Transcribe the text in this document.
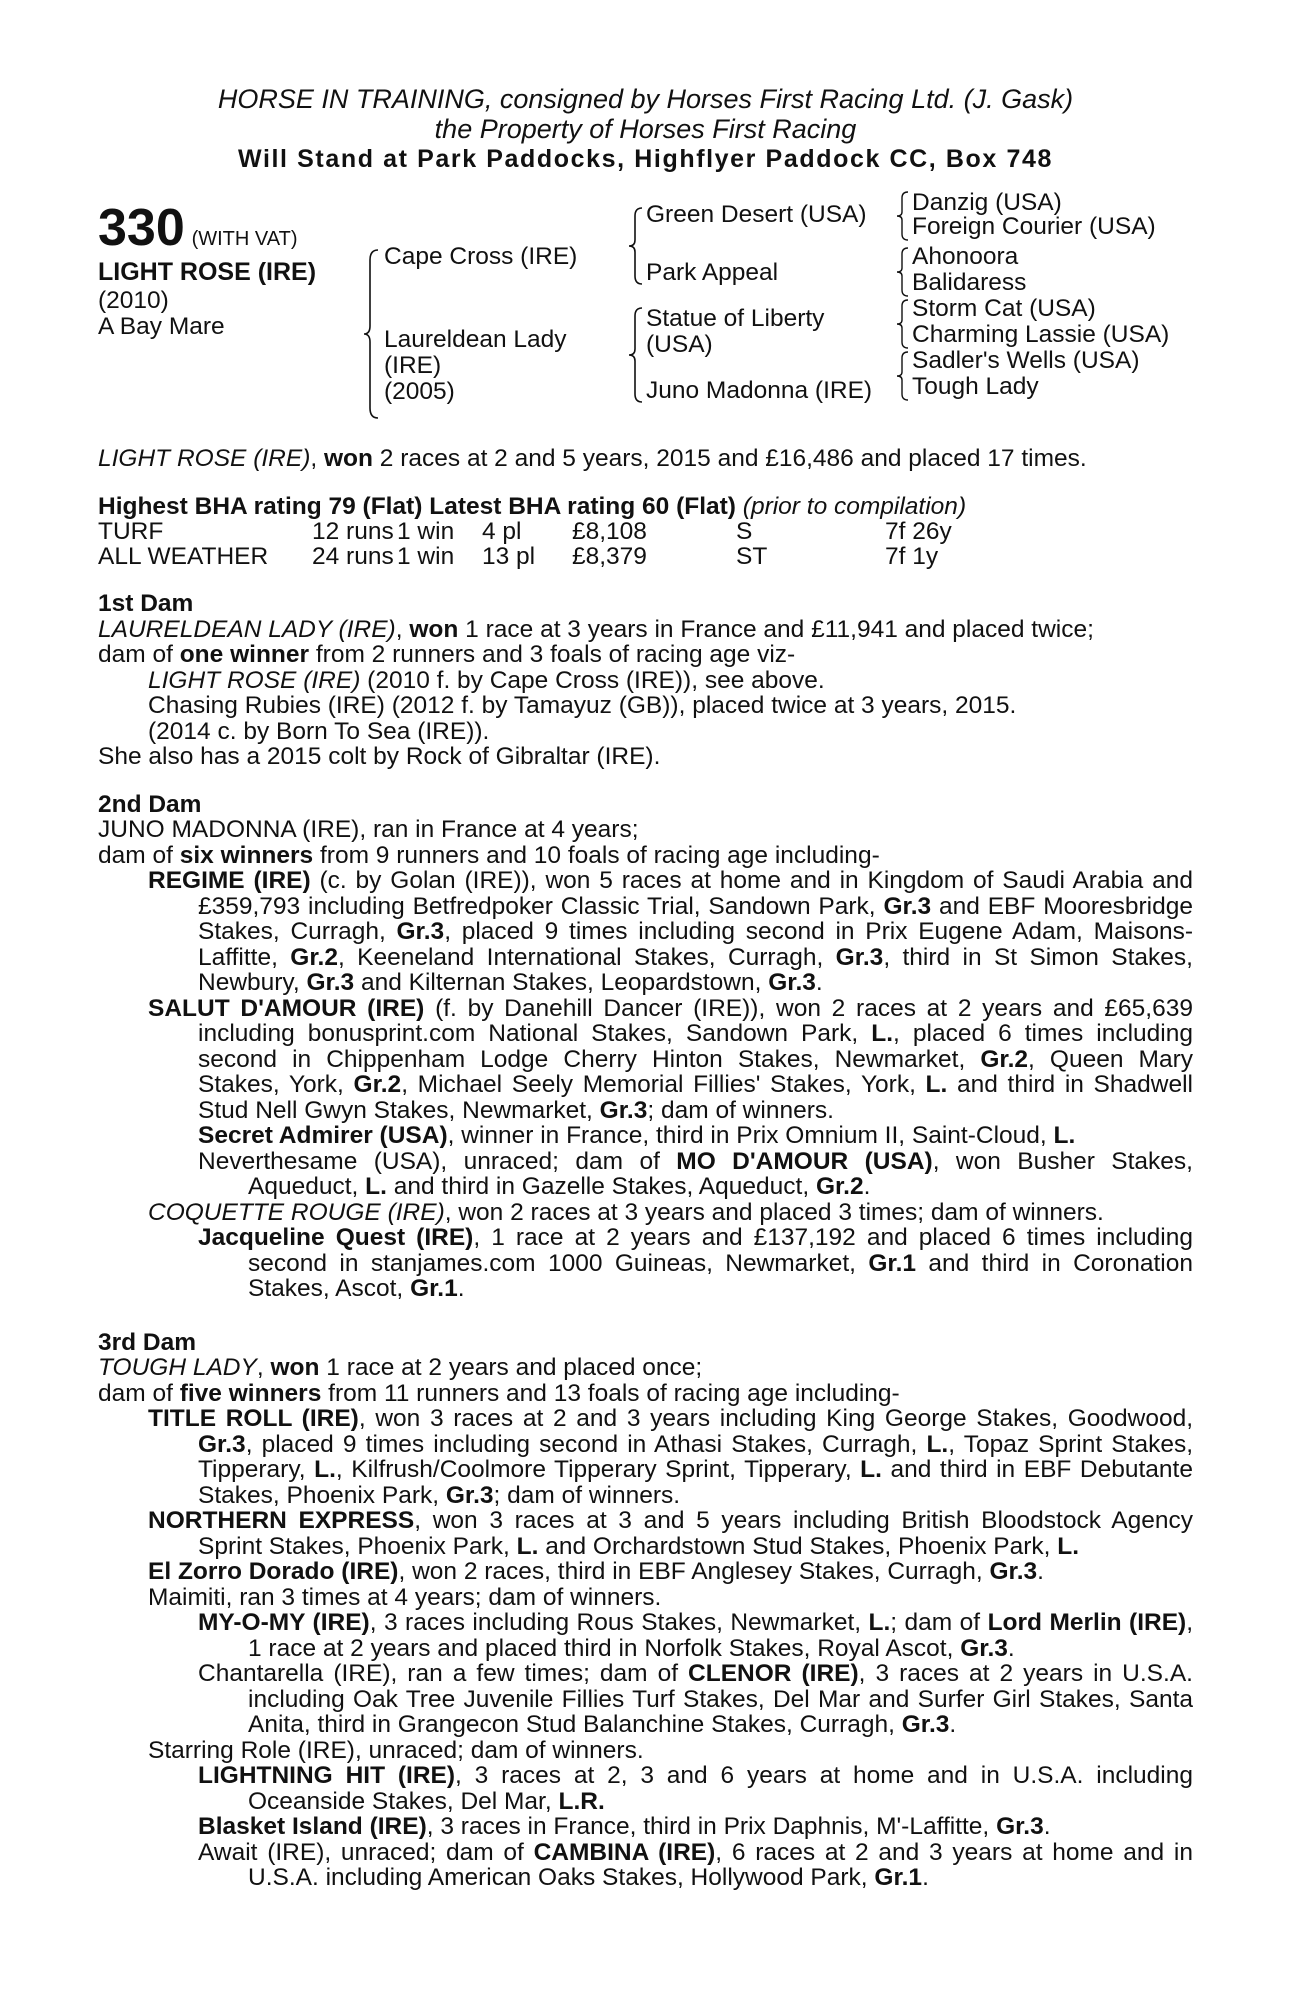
HORSE IN TRAINING, consigned by Horses First Racing Ltd. (J. Gask)
the Property of Horses First Racing
Will Stand at Park Paddocks, Highflyer Paddock CC, Box 748
330 (WITH VAT)
LIGHT ROSE (IRE)
(2010)
A Bay Mare
Cape Cross (IRE)
Laureldean Lady
(IRE)
(2005)
Green Desert (USA)
Park Appeal
Statue of Liberty
(USA)
Juno Madonna (IRE)
Danzig (USA)
Foreign Courier (USA)
Ahonoora
Balidaress
Storm Cat (USA)
Charming Lassie (USA)
Sadler's Wells (USA)
Tough Lady

LIGHT ROSE (IRE), won 2 races at 2 and 5 years, 2015 and £16,486 and placed 17 times.

Highest BHA rating 79 (Flat) Latest BHA rating 60 (Flat) (prior to compilation)
TURF	12 runs 1 win 4 pl £8,108	S	7f 26y
ALL WEATHER 24 runs 1 win 13 pl £8,379	ST	7f 1y
1st Dam

LAURELDEAN LADY (IRE), won 1 race at 3 years in France and £11,941 and placed twice;

dam of one winner from 2 runners and 3 foals of racing age viz-

LIGHT ROSE (IRE) (2010 f. by Cape Cross (IRE)), see above.

Chasing Rubies (IRE) (2012 f. by Tamayuz (GB)), placed twice at 3 years, 2015.

(2014 c. by Born To Sea (IRE)).

She also has a 2015 colt by Rock of Gibraltar (IRE).

2nd Dam

JUNO MADONNA (IRE), ran in France at 4 years;

dam of six winners from 9 runners and 10 foals of racing age including-

REGIME (IRE) (c. by Golan (IRE)), won 5 races at home and in Kingdom of Saudi Arabia and £359,793 including Betfredpoker Classic Trial, Sandown Park, Gr.3 and EBF Mooresbridge Stakes, Curragh, Gr.3, placed 9 times including second in Prix Eugene Adam, Maisons-Laffitte, Gr.2, Keeneland International Stakes, Curragh, Gr.3, third in St Simon Stakes, Newbury, Gr.3 and Kilternan Stakes, Leopardstown, Gr.3.

SALUT D'AMOUR (IRE) (f. by Danehill Dancer (IRE)), won 2 races at 2 years and £65,639 including bonusprint.com National Stakes, Sandown Park, L., placed 6 times including second in Chippenham Lodge Cherry Hinton Stakes, Newmarket, Gr.2, Queen Mary Stakes, York, Gr.2, Michael Seely Memorial Fillies' Stakes, York, L. and third in Shadwell Stud Nell Gwyn Stakes, Newmarket, Gr.3; dam of winners.

Secret Admirer (USA), winner in France, third in Prix Omnium II, Saint-Cloud, L.

Neverthesame (USA), unraced; dam of MO D'AMOUR (USA), won Busher Stakes, Aqueduct, L. and third in Gazelle Stakes, Aqueduct, Gr.2.

COQUETTE ROUGE (IRE), won 2 races at 3 years and placed 3 times; dam of winners.

Jacqueline Quest (IRE), 1 race at 2 years and £137,192 and placed 6 times including second in stanjames.com 1000 Guineas, Newmarket, Gr.1 and third in Coronation Stakes, Ascot, Gr.1.

3rd Dam

TOUGH LADY, won 1 race at 2 years and placed once;

dam of five winners from 11 runners and 13 foals of racing age including-

TITLE ROLL (IRE), won 3 races at 2 and 3 years including King George Stakes, Goodwood, Gr.3, placed 9 times including second in Athasi Stakes, Curragh, L., Topaz Sprint Stakes, Tipperary, L., Kilfrush/Coolmore Tipperary Sprint, Tipperary, L. and third in EBF Debutante Stakes, Phoenix Park, Gr.3; dam of winners.

NORTHERN EXPRESS, won 3 races at 3 and 5 years including British Bloodstock Agency Sprint Stakes, Phoenix Park, L. and Orchardstown Stud Stakes, Phoenix Park, L.

El Zorro Dorado (IRE), won 2 races, third in EBF Anglesey Stakes, Curragh, Gr.3.

Maimiti, ran 3 times at 4 years; dam of winners.

MY-O-MY (IRE), 3 races including Rous Stakes, Newmarket, L.; dam of Lord Merlin (IRE), 1 race at 2 years and placed third in Norfolk Stakes, Royal Ascot, Gr.3.

Chantarella (IRE), ran a few times; dam of CLENOR (IRE), 3 races at 2 years in U.S.A. including Oak Tree Juvenile Fillies Turf Stakes, Del Mar and Surfer Girl Stakes, Santa Anita, third in Grangecon Stud Balanchine Stakes, Curragh, Gr.3.

Starring Role (IRE), unraced; dam of winners.

LIGHTNING HIT (IRE), 3 races at 2, 3 and 6 years at home and in U.S.A. including Oceanside Stakes, Del Mar, L.R.

Blasket Island (IRE), 3 races in France, third in Prix Daphnis, M'-Laffitte, Gr.3.

Await (IRE), unraced; dam of CAMBINA (IRE), 6 races at 2 and 3 years at home and in U.S.A. including American Oaks Stakes, Hollywood Park, Gr.1.
